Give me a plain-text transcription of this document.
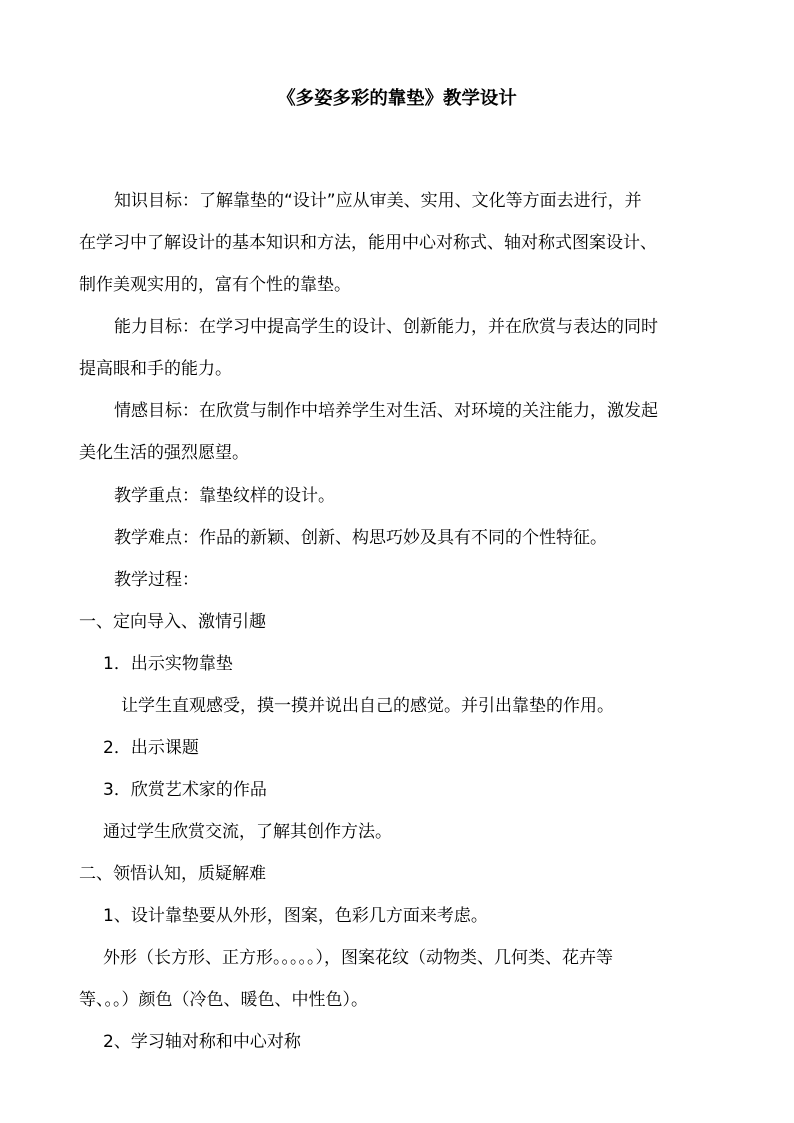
《多姿多彩的靠垫》教学设计
知识目标：了解靠垫的“设计”应从审美、实用、文化等方面去进行，并
在学习中了解设计的基本知识和方法，能用中心对称式、轴对称式图案设计、
制作美观实用的，富有个性的靠垫。
能力目标：在学习中提高学生的设计、创新能力，并在欣赏与表达的同时
提高眼和手的能力。
情感目标：在欣赏与制作中培养学生对生活、对环境的关注能力，激发起
美化生活的强烈愿望。
教学重点：靠垫纹样的设计。
教学难点：作品的新颖、创新、构思巧妙及具有不同的个性特征。
教学过程：
一、定向导入、激情引趣
1．出示实物靠垫
让学生直观感受，摸一摸并说出自己的感觉。并引出靠垫的作用。
2．出示课题
3．欣赏艺术家的作品
通过学生欣赏交流，了解其创作方法。
二、领悟认知，质疑解难
1、设计靠垫要从外形，图案，色彩几方面来考虑。
外形（长方形、正方形。。。。。），图案花纹（动物类、几何类、花卉等
等、。。）颜色（冷色、暖色、中性色）。
2、学习轴对称和中心对称
